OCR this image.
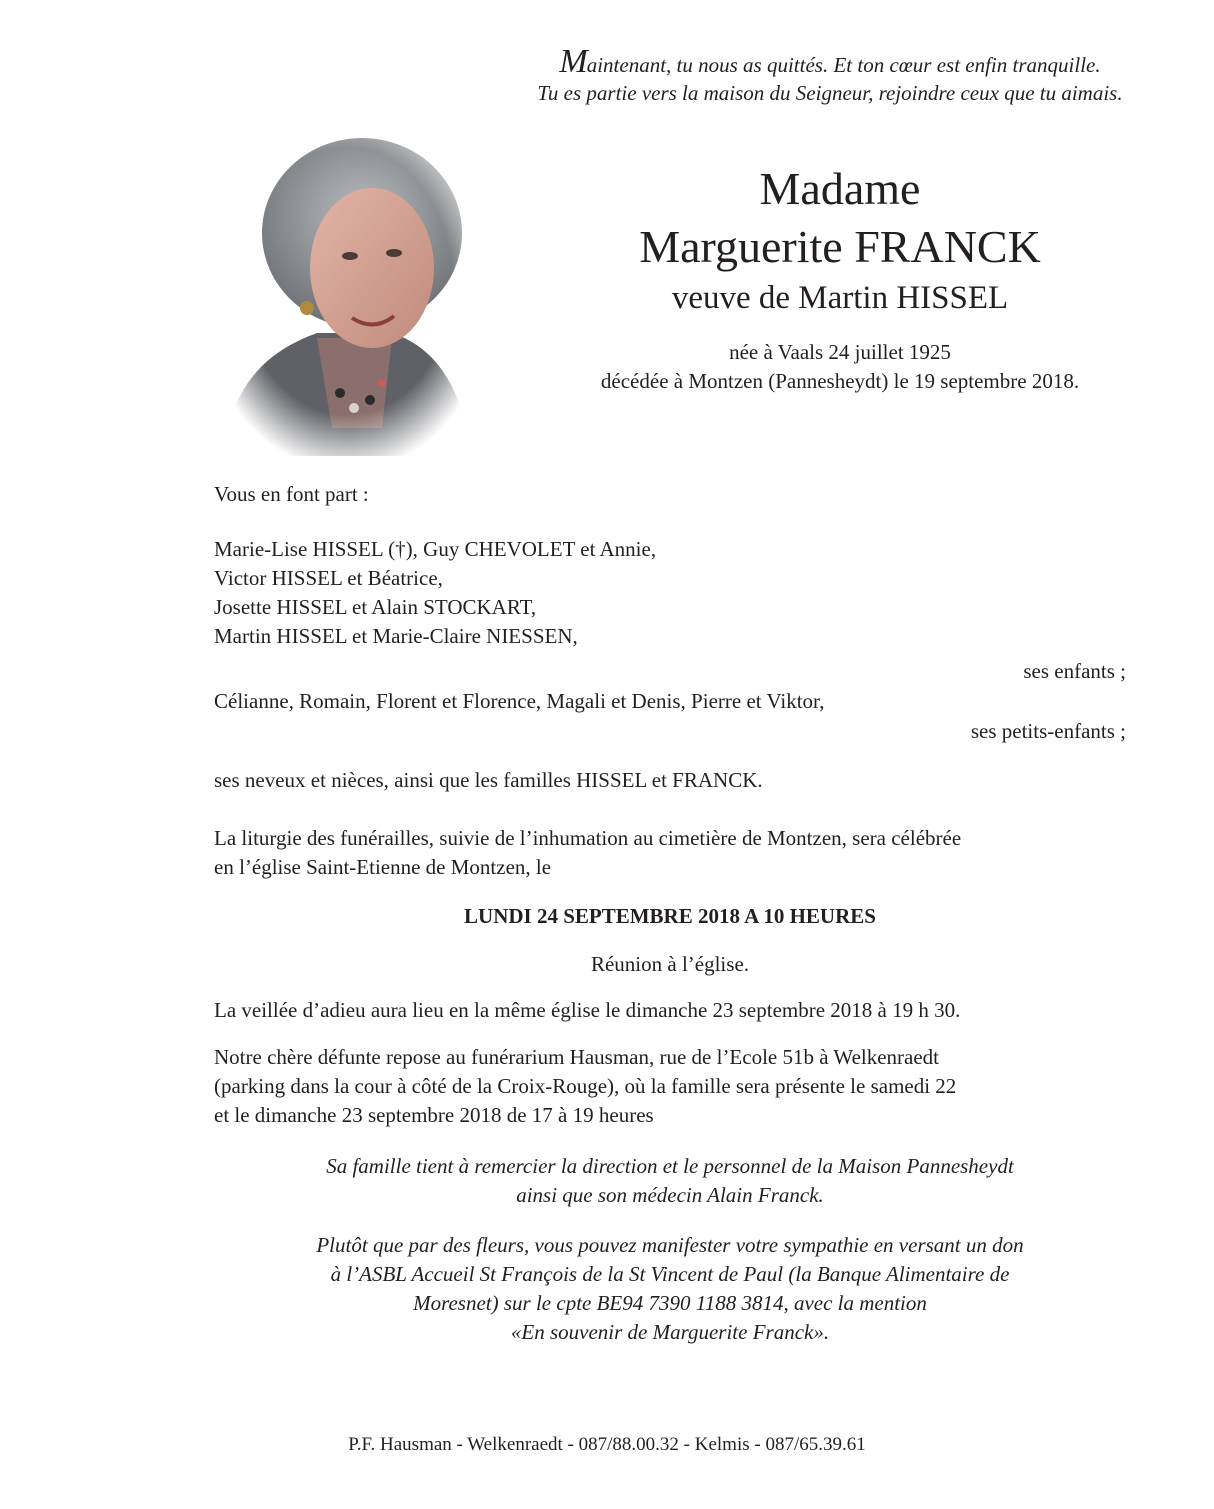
Maintenant, tu nous as quittés. Et ton cœur est enfin tranquille.
Tu es partie vers la maison du Seigneur, rejoindre ceux que tu aimais.
Madame
Marguerite FRANCK
veuve de Martin HISSEL
née à Vaals 24 juillet 1925
décédée à Montzen (Pannesheydt) le 19 septembre 2018.
Vous en font part :
Marie-Lise HISSEL (†), Guy CHEVOLET et Annie,
Victor HISSEL et Béatrice,
Josette HISSEL et Alain STOCKART,
Martin HISSEL et Marie-Claire NIESSEN,
ses enfants ;
Célianne, Romain, Florent et Florence, Magali et Denis, Pierre et Viktor,
ses petits-enfants ;
ses neveux et nièces, ainsi que les familles HISSEL et FRANCK.
La liturgie des funérailles, suivie de l’inhumation au cimetière de Montzen, sera célébrée
en l’église Saint-Etienne de Montzen, le
LUNDI 24 SEPTEMBRE 2018 A 10 HEURES
Réunion à l’église.
La veillée d’adieu aura lieu en la même église le dimanche 23 septembre 2018 à 19 h 30.
Notre chère défunte repose au funérarium Hausman, rue de l’Ecole 51b à Welkenraedt
(parking dans la cour à côté de la Croix-Rouge), où la famille sera présente le samedi 22
et le dimanche 23 septembre 2018 de 17 à 19 heures
Sa famille tient à remercier la direction et le personnel de la Maison Pannesheydt
ainsi que son médecin Alain Franck.
Plutôt que par des fleurs, vous pouvez manifester votre sympathie en versant un don
à l’ASBL Accueil St François de la St Vincent de Paul (la Banque Alimentaire de
Moresnet) sur le cpte BE94 7390 1188 3814, avec la mention
«En souvenir de Marguerite Franck».
P.F. Hausman - Welkenraedt - 087/88.00.32 - Kelmis - 087/65.39.61
